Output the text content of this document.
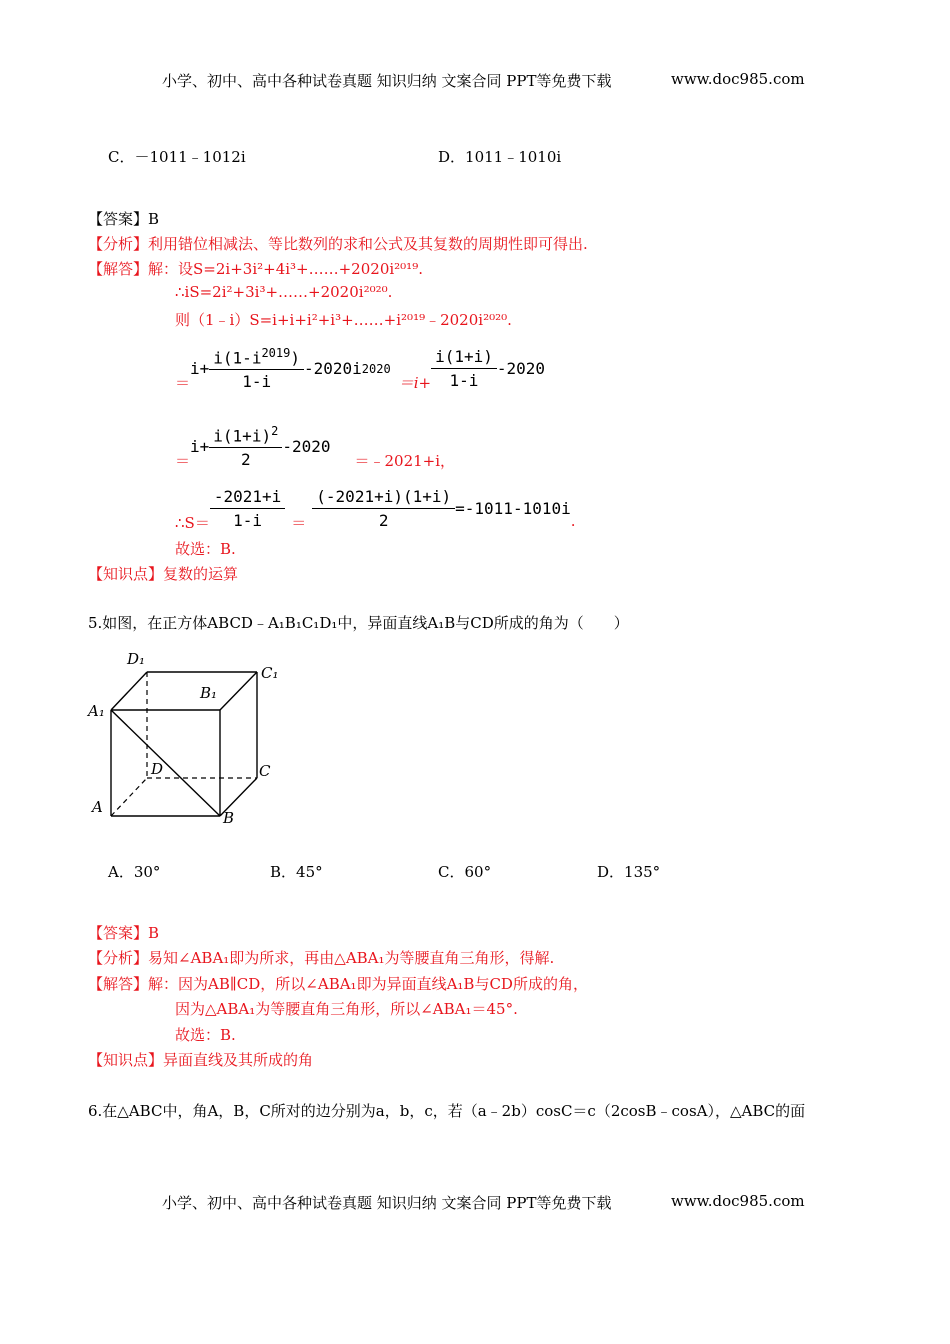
小学、初中、高中各种试卷真题 知识归纳 文案合同 PPT等免费下载	www.doc985.com
C．－1011﹣1012i	D．1011﹣1010i
【答案】B
【分析】利用错位相减法、等比数列的求和公式及其复数的周期性即可得出.
【解答】解：设S=2i+3i²+4i³+……+2020i²⁰¹⁹.
∴iS=2i²+3i³+……+2020i²⁰²⁰.
则（1﹣i）S=i+i+i²+i³+……+i²⁰¹⁹﹣2020i²⁰²⁰.
＝
$i+ \frac{i(1-i^{2019})}{1-i} -2020i$ 2020
$=i+ \frac{i(1+i)}{1-i} -2020$
＝
$i+ \frac{i(1+i)^2}{2} -2020$
＝﹣2021+i，
∴S＝ $\frac{-2021+i}{1-i} = \frac{(-2021+i)(1+i)}{2} =-1011-1010i$
.
故选：B.
【知识点】复数的运算
5.如图，在正方体ABCD﹣A₁B₁C₁D₁中，异面直线A₁B与CD所成的角为（　　）
D₁
C₁
B₁
A₁
D	C
A
B
A．30°	B．45°	C．60°	D．135°
【答案】B
【分析】易知∠ABA₁即为所求，再由△ABA₁为等腰直角三角形，得解.
【解答】解：因为AB∥CD，所以∠ABA₁即为异面直线A₁B与CD所成的角，
因为△ABA₁为等腰直角三角形，所以∠ABA₁＝45°.
故选：B.
【知识点】异面直线及其所成的角
6.在△ABC中，角A，B，C所对的边分别为a，b，c，若（a﹣2b）cosC＝c（2cosB﹣cosA），△ABC的面
小学、初中、高中各种试卷真题 知识归纳 文案合同 PPT等免费下载	www.doc985.com
